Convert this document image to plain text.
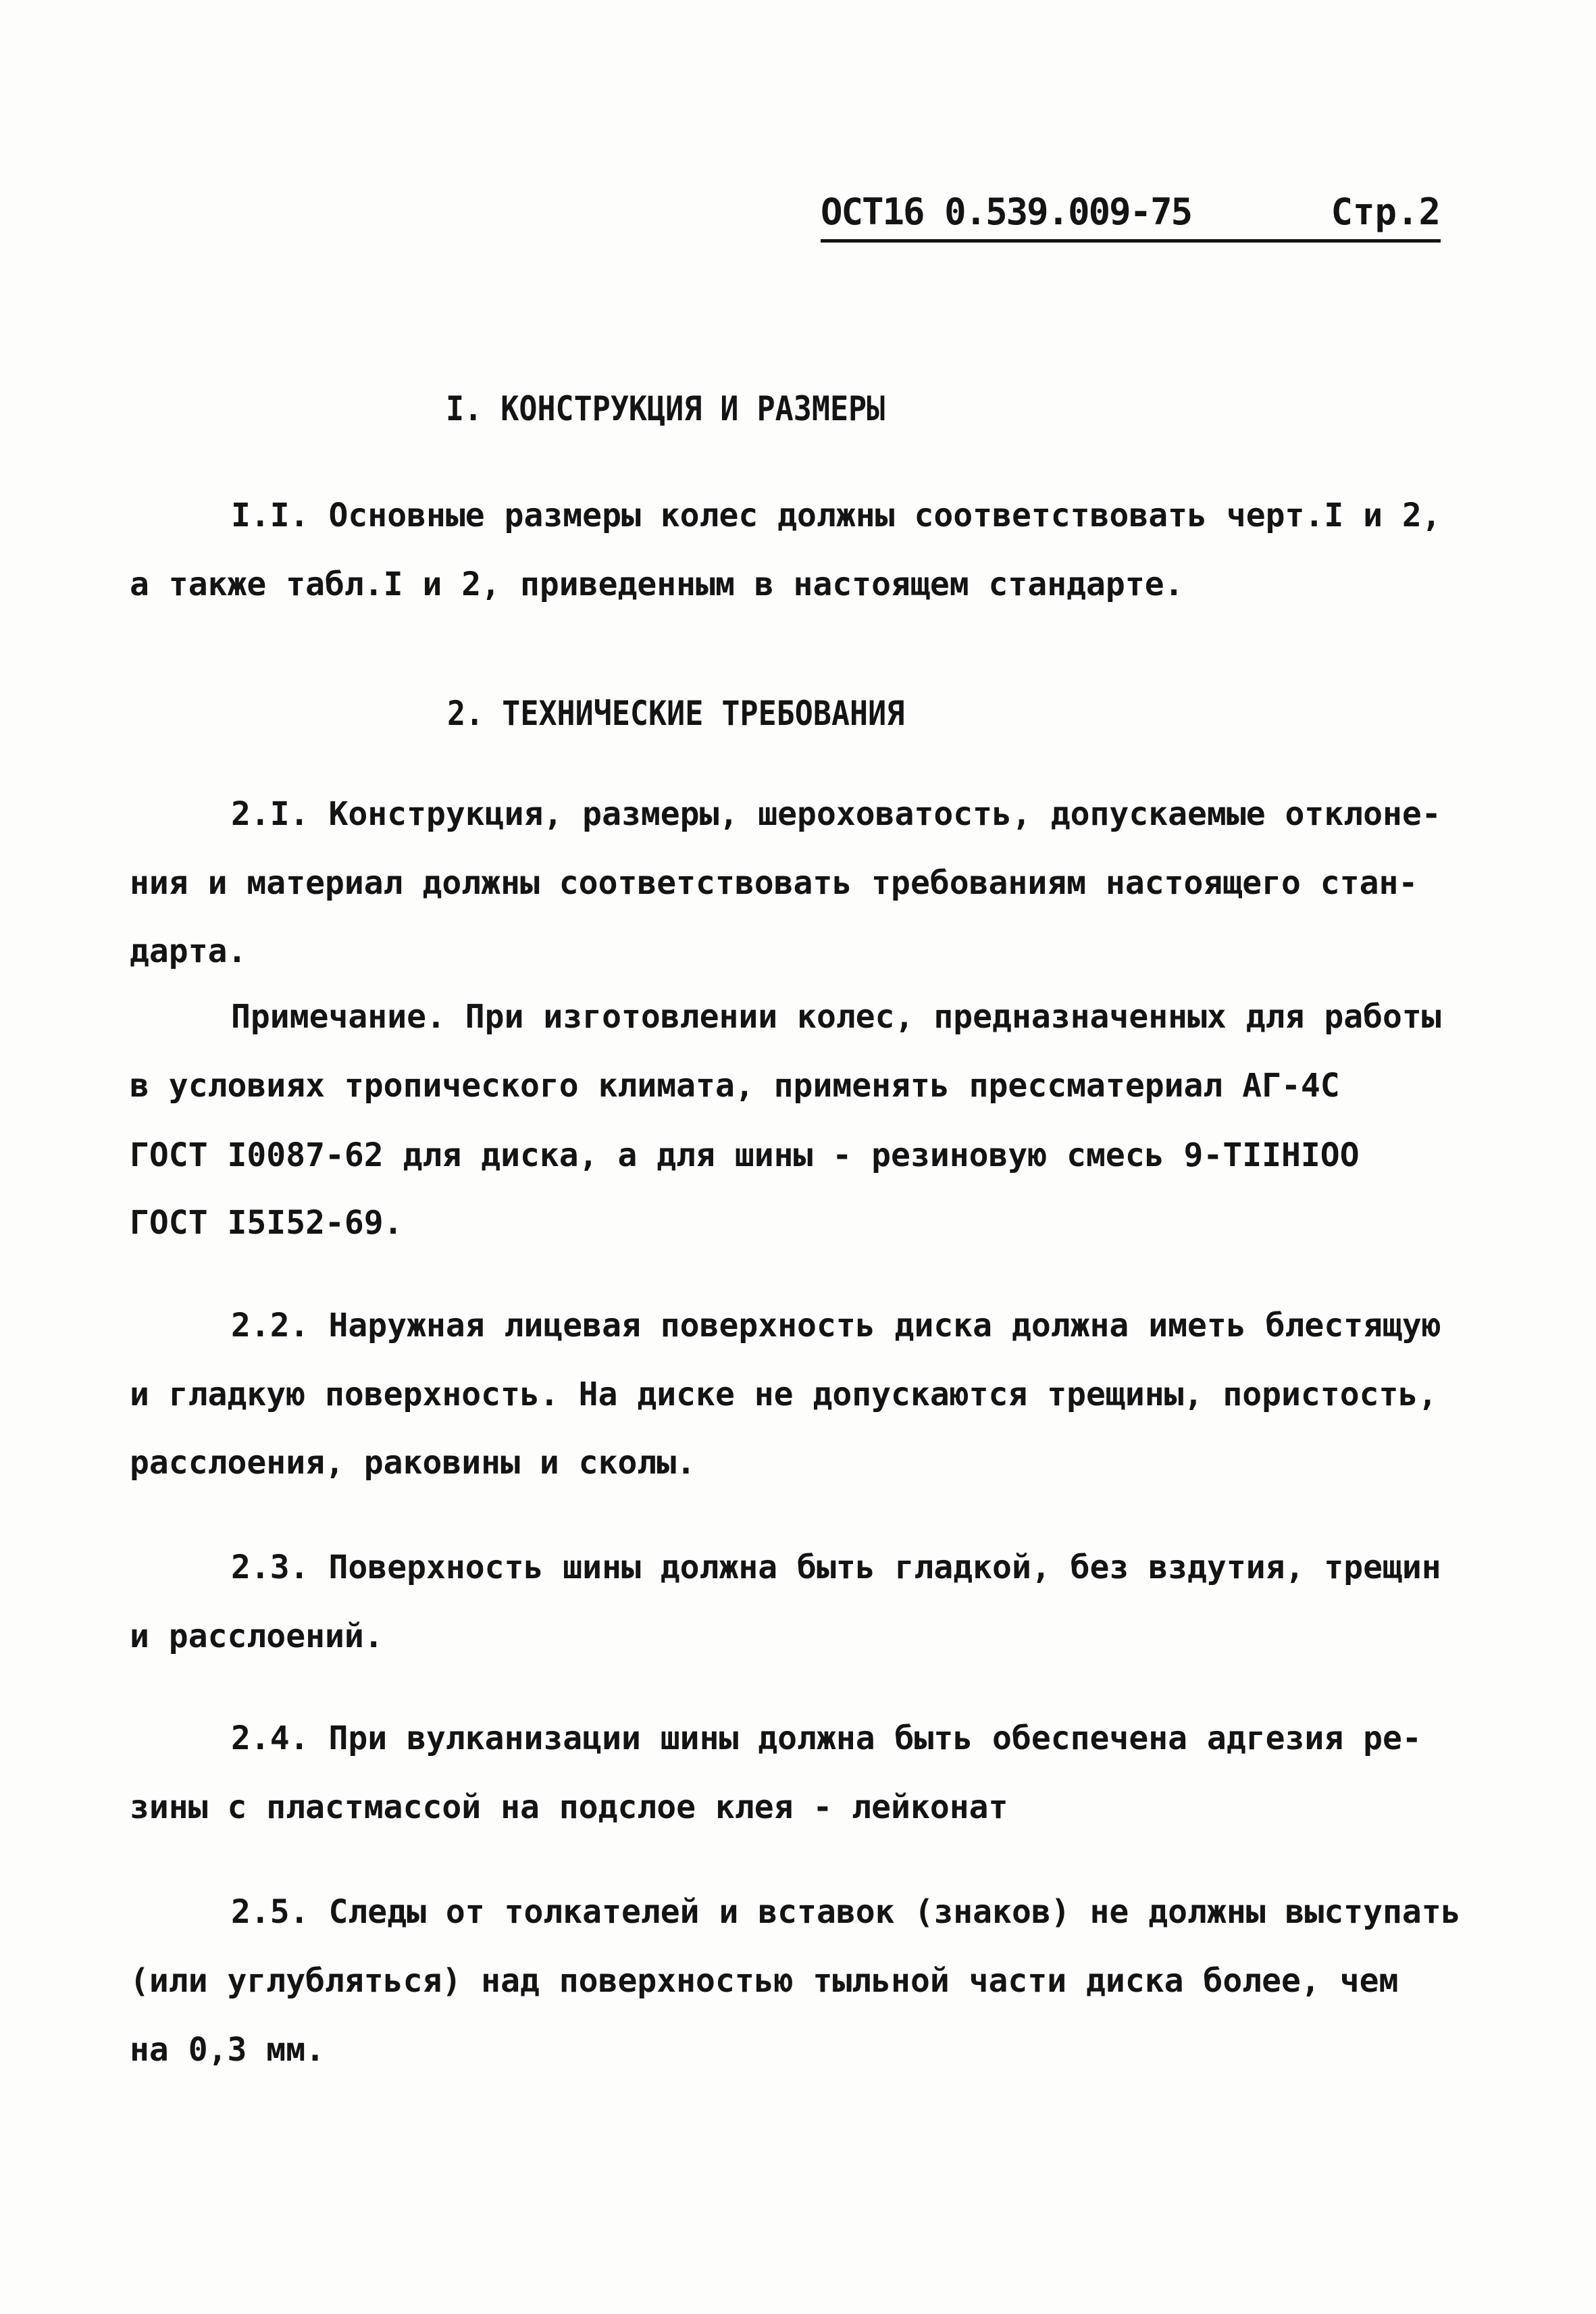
ОСТ16 0.539.009-75	Стр.2
I. КОНСТРУКЦИЯ И РАЗМЕРЫ
I.I. Основные размеры колес должны соответствовать черт.I и 2,
а также табл.I и 2, приведенным в настоящем стандарте.
2. ТЕХНИЧЕСКИЕ ТРЕБОВАНИЯ
2.I. Конструкция, размеры, шероховатость, допускаемые отклоне-
ния и материал должны соответствовать требованиям настоящего стан-
дарта.
Примечание. При изготовлении колес, предназначенных для работы
в условиях тропического климата, применять пресcматериал АГ-4С
ГОСТ I0087-62 для диска, а для шины - резиновую смесь 9-TIIHIOO
ГОСТ I5I52-69.
2.2. Наружная лицевая поверхность диска должна иметь блестящую
и гладкую поверхность. На диске не допускаются трещины, пористость,
расслоения, раковины и сколы.
2.3. Поверхность шины должна быть гладкой, без вздутия, трещин
и расслоений.
2.4. При вулканизации шины должна быть обеспечена адгезия ре-
зины с пластмассой на подслое клея - лейконат
2.5. Следы от толкателей и вставок (знаков) не должны выступать
(или углубляться) над поверхностью тыльной части диска более, чем
на 0,3 мм.
